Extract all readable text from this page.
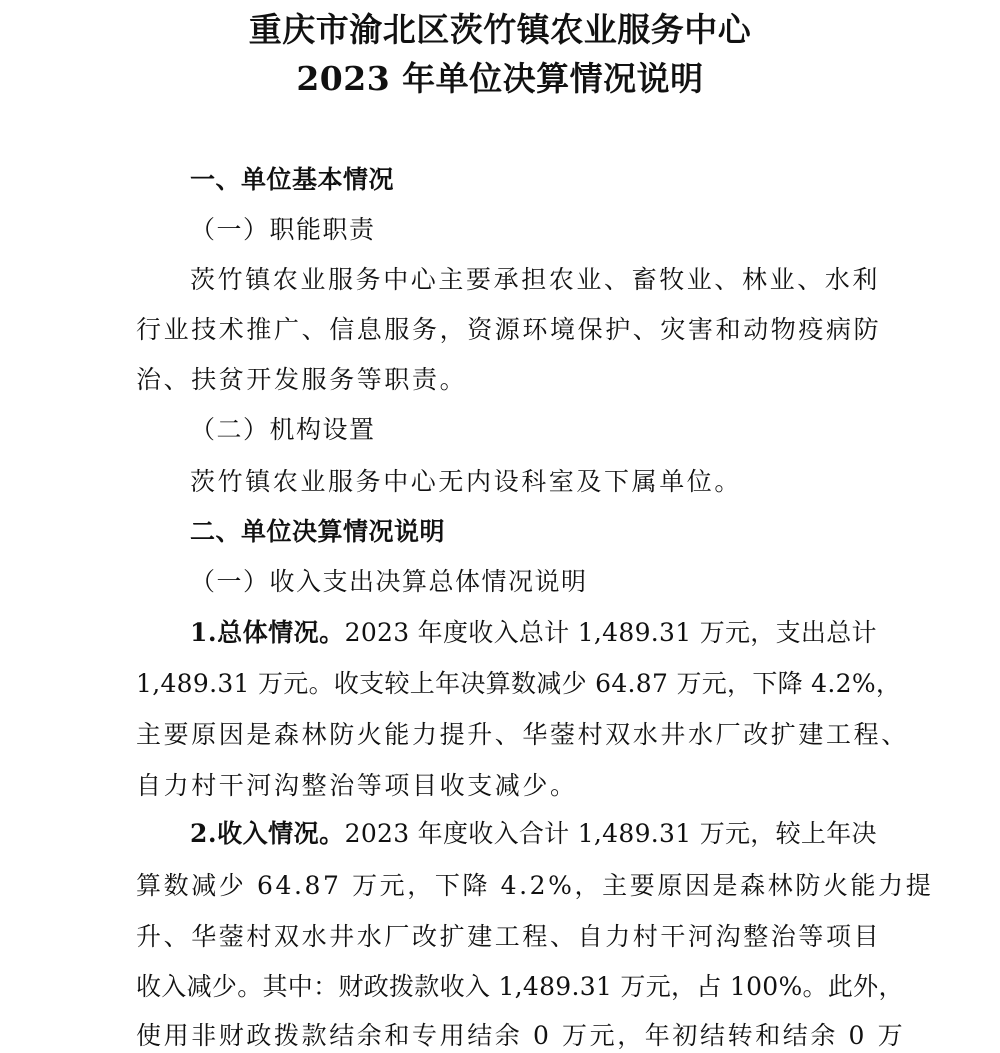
重庆市渝北区茨竹镇农业服务中心
2023 年单位决算情况说明
一、单位基本情况
（一）职能职责
茨竹镇农业服务中心主要承担农业、畜牧业、林业、水利
行业技术推广、信息服务，资源环境保护、灾害和动物疫病防
治、扶贫开发服务等职责。
（二）机构设置
茨竹镇农业服务中心无内设科室及下属单位。
二、单位决算情况说明
（一）收入支出决算总体情况说明
1.总体情况。2023 年度收入总计 1,489.31 万元，支出总计
1,489.31 万元。收支较上年决算数减少 64.87 万元，下降 4.2%，
主要原因是森林防火能力提升、华蓥村双水井水厂改扩建工程、
自力村干河沟整治等项目收支减少。
2.收入情况。2023 年度收入合计 1,489.31 万元，较上年决
算数减少 64.87 万元，下降 4.2%，主要原因是森林防火能力提
升、华蓥村双水井水厂改扩建工程、自力村干河沟整治等项目
收入减少。其中：财政拨款收入 1,489.31 万元，占 100%。此外，
使用非财政拨款结余和专用结余 0 万元，年初结转和结余 0 万
